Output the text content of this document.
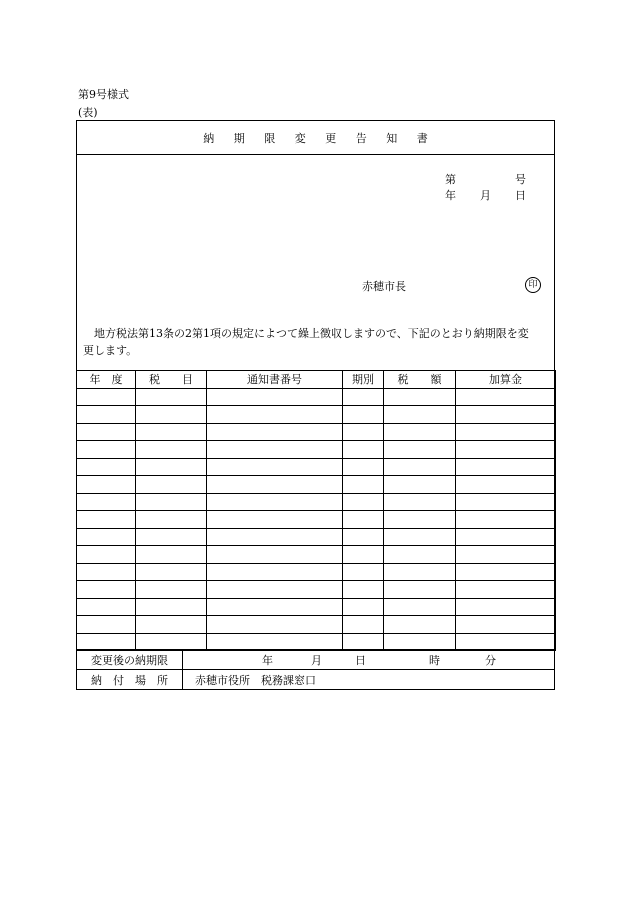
第9号様式
(表)
納 期 限 変 更 告 知 書
第	号
年 月 日
赤穂市長	印
地方税法第13条の2第1項の規定によつて繰上徴収しますので、下記のとおり納期限を変
更します。
年　度	税　　目	通知書番号	期別	税　　額	加算金

変更後の納期限	年	月	日	時	分
納　付　場　所	赤穂市役所　税務課窓口
